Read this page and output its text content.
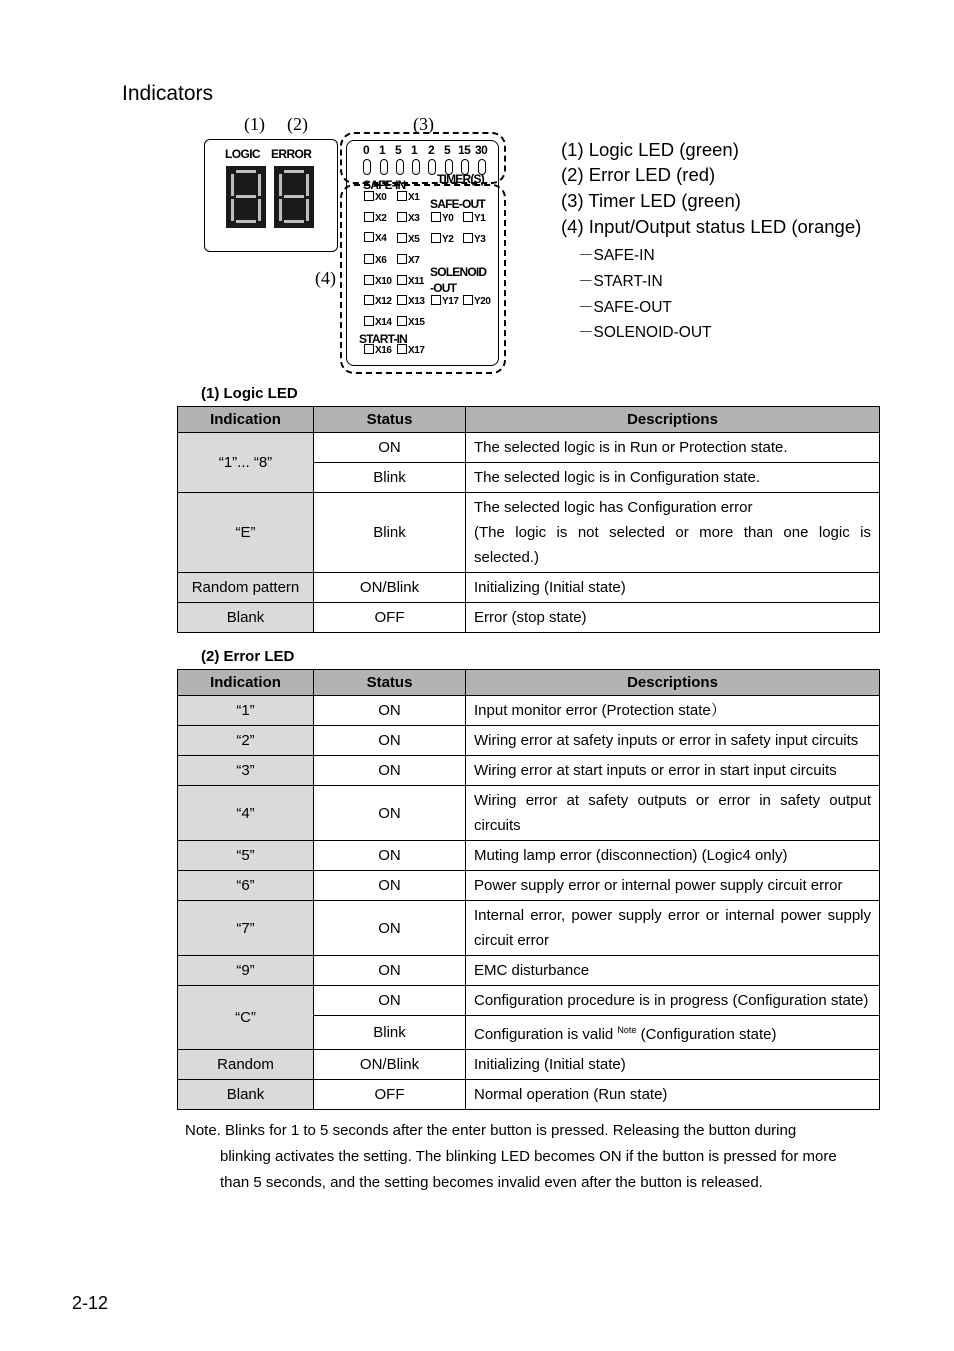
Indicators
(1) (2)	(3)
(4)
LOGIC ERROR	0 1 5 1 2 5 15 30
TIMER(S)
SAFE-IN
SAFE-OUT
SOLENOID
-OUT
START-IN
X0	X1
X2	X3
X4	X5
X6	X7
X10	X11
X12	X13
X14	X15
X16	X17
Y0	Y1
Y2	Y3
Y17	Y20
(1) Logic LED (green)
(2) Error LED (red)
(3) Timer LED (green)
(4) Input/Output status LED (orange)
－SAFE-IN
－START-IN
－SAFE-OUT
－SOLENOID-OUT
(1) Logic LED
Indication	Status	Descriptions
“1”... “8”	ON	The selected logic is in Run or Protection state.
	Blink	The selected logic is in Configuration state.
“E”	Blink	The selected logic has Configuration error
(The logic is not selected or more than one logic is selected.)
Random pattern	ON/Blink	Initializing (Initial state)
Blank	OFF	Error (stop state)
(2) Error LED
Indication	Status	Descriptions
“1”	ON	Input monitor error (Protection state）
“2”	ON	Wiring error at safety inputs or error in safety input circuits
“3”	ON	Wiring error at start inputs or error in start input circuits
“4”	ON	Wiring error at safety outputs or error in safety output circuits
“5”	ON	Muting lamp error (disconnection) (Logic4 only)
“6”	ON	Power supply error or internal power supply circuit error
“7”	ON	Internal error, power supply error or internal power supply circuit error
“9”	ON	EMC disturbance
“C”	ON	Configuration procedure is in progress (Configuration state)
	Blink	Configuration is valid $^{Note}$ (Configuration state)
Random	ON/Blink	Initializing (Initial state)
Blank	OFF	Normal operation (Run state)
Note. Blinks for 1 to 5 seconds after the enter button is pressed. Releasing the button during
blinking activates the setting. The blinking LED becomes ON if the button is pressed for more
than 5 seconds, and the setting becomes invalid even after the button is released.
2-12
